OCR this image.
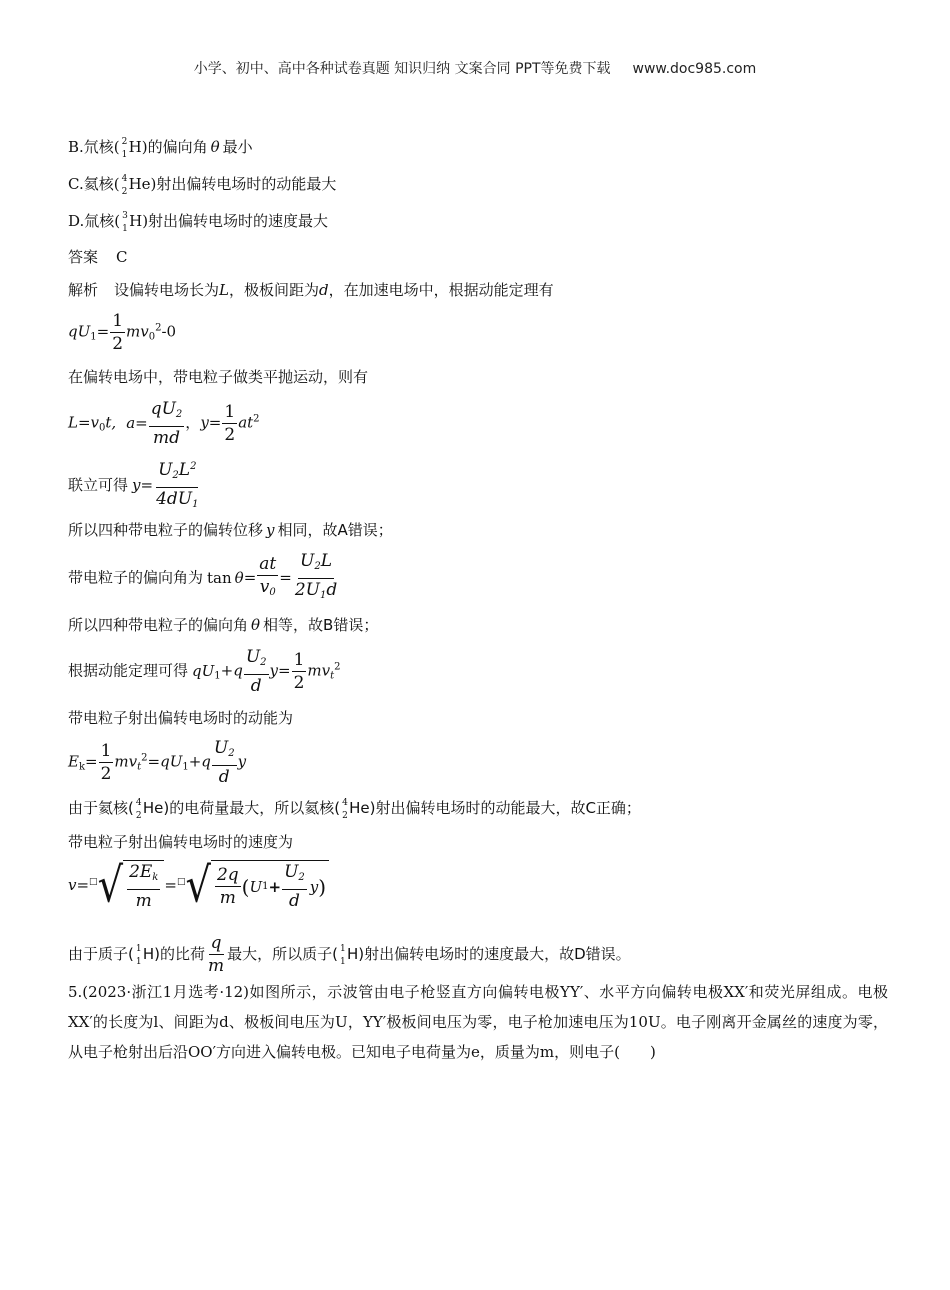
小学、初中、高中各种试卷真题 知识归纳 文案合同 PPT等免费下载 www.doc985.com
B.氘核( 2
1 H)的偏向角 θ 最小
C.氦核( 4
2 He)射出偏转电场时的动能最大
D.氚核( 3
1 H)射出偏转电场时的速度最大
答案 C
解析 设偏转电场长为L，极板间距为d，在加速电场中，根据动能定理有
$qU_1= \frac{1}{2} mv_0^2-0$
在偏转电场中，带电粒子做类平抛运动，则有
$L=v_0t$, $a= \frac{qU_2}{md}$ ，$y= \frac{1}{2} at^2$
联立可得 $y= \frac{U_2L^2}{4dU_1}$
所以四种带电粒子的偏转位移 y 相同，故A错误；
带电粒子的偏向角为 $\tan \theta= \frac{at}{v_0} = \frac{U_2L}{2U_1d}$
所以四种带电粒子的偏向角 θ 相等，故B错误；
根据动能定理可得 $qU_1+q \frac{U_2}{d} y= \frac{1}{2} mv_t^2$
带电粒子射出偏转电场时的动能为
$E_k= \frac{1}{2} mv_t^2=qU_1+q \frac{U_2}{d}$ y
由于氦核( 4
2 He)的电荷量最大，所以氦核( 4
2 He)射出偏转电场时的动能最大，故C正确；
带电粒子射出偏转电场时的速度为
v=□ √ $\frac{2E_k}{m} =^□$ √ $\frac{2q}{m}$ ( U $1 + \frac{U_2}{d}$ y )
由于质子( 1
1 H)的比荷 $\frac{q}{m}$ 最大，所以质子( 1
1 H)射出偏转电场时的速度最大，故D错误。
5.(2023·浙江1月选考·12)如图所示，示波管由电子枪竖直方向偏转电极YY′、水平方向偏转电极XX′和荧光屏组成。电极XX′的长度为l、间距为d、极板间电压为U，YY′极板间电压为零，电子枪加速电压为10U。电子刚离开金属丝的速度为零，从电子枪射出后沿OO′方向进入偏转电极。已知电子电荷量为e，质量为m，则电子(　　)
